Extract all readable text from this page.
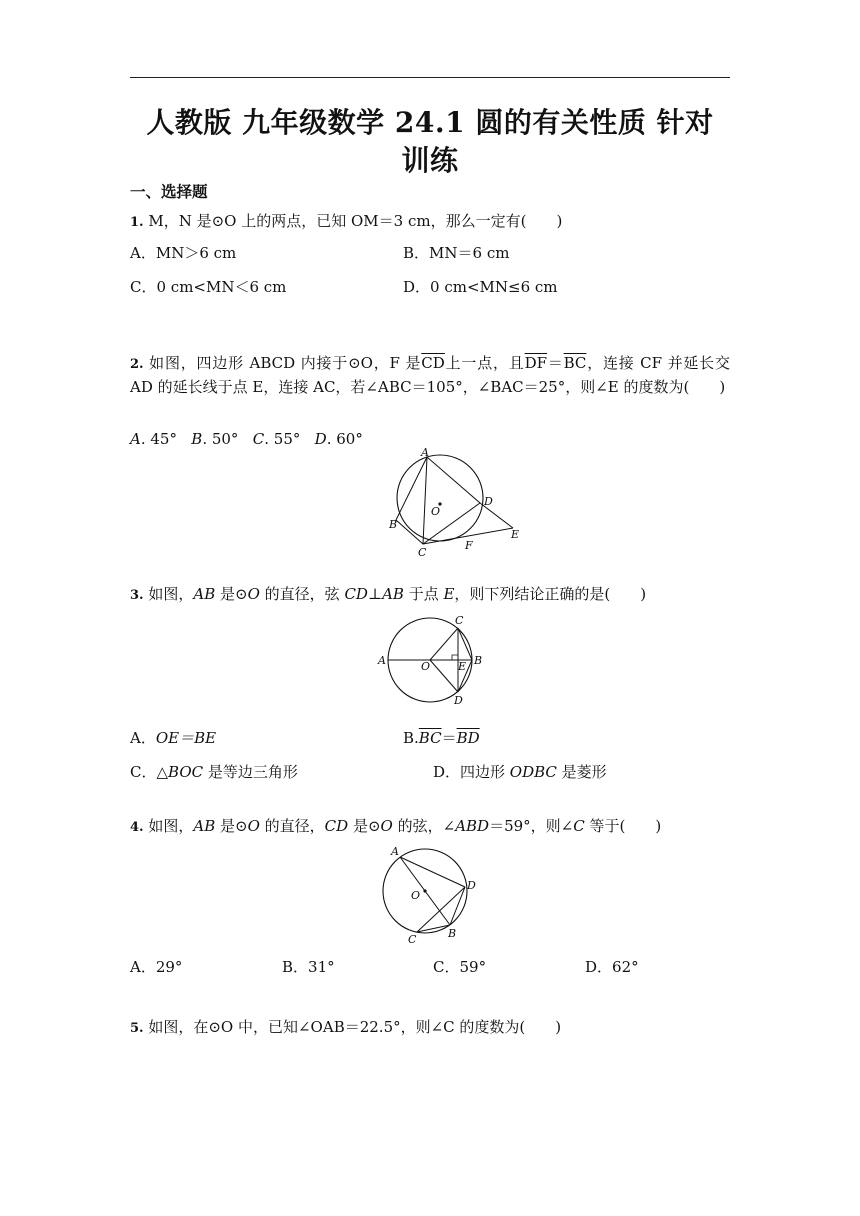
人教版 九年级数学 24.1 圆的有关性质 针对
训练
一、选择题
1. M，N 是⊙O 上的两点，已知 OM＝3 cm，那么一定有(　　)
A．MN＞6 cm	B．MN＝6 cm
C．0 cm<MN＜6 cm	D．0 cm<MN≤6 cm
2. 如图，四边形 ABCD 内接于⊙O，F 是$\overline{CD}$上一点，且$\overline{DF}=\overline{BC}$，连接 CF 并延长交 AD 的延长线于点 E，连接 AC，若∠ABC＝105°，∠BAC＝25°，则∠E 的度数为(　　)
A. 45° B. 50° C. 55° D. 60°
A
B
C
D
E
F
O
3. 如图，AB 是⊙O 的直径，弦 CD⊥AB 于点 E，则下列结论正确的是(　　)
A	B
C
D
E
O
A．OE＝BE	$B.\overline{BC}=\overline{BD}$
C．△BOC 是等边三角形	D．四边形 ODBC 是菱形
4. 如图，AB 是⊙O 的直径，CD 是⊙O 的弦，∠ABD＝59°，则∠C 等于(　　)
A
B
C
D
O
A．29°	B．31°	C．59°	D．62°
5. 如图，在⊙O 中，已知∠OAB＝22.5°，则∠C 的度数为(　　)
